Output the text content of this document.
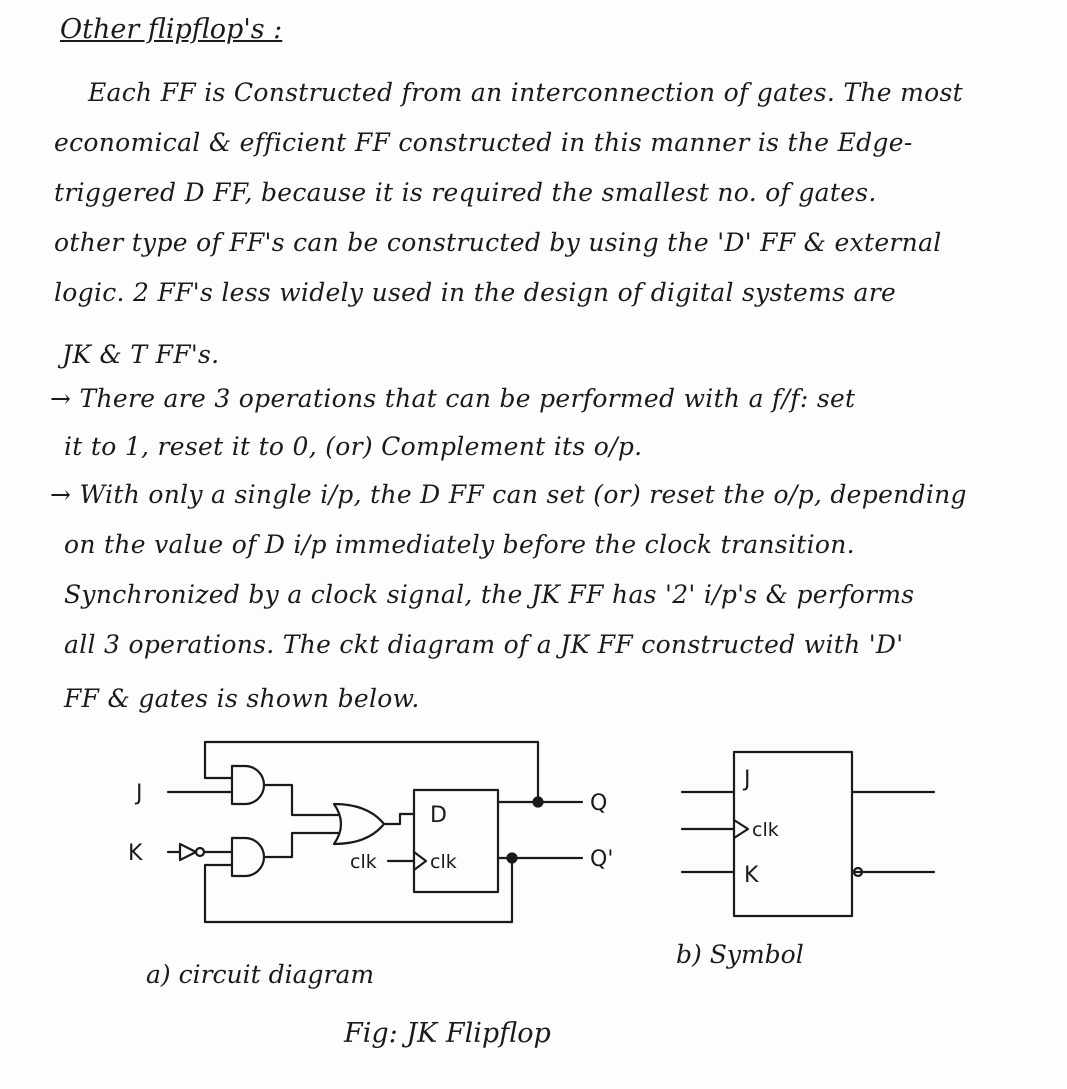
Other flipflop's :
Each FF is Constructed from an interconnection of gates. The most
economical & efficient FF constructed in this manner is the Edge-
triggered D FF, because it is required the smallest no. of gates.
other type of FF's can be constructed by using the 'D' FF & external
logic. 2 FF's less widely used in the design of digital systems are
JK & T FF's.
→ There are 3 operations that can be performed with a f/f: set
it to 1, reset it to 0, (or) Complement its o/p.
→ With only a single i/p, the D FF can set (or) reset the o/p, depending
on the value of D i/p immediately before the clock transition.
Synchronized by a clock signal, the JK FF has '2' i/p's & performs
all 3 operations. The ckt diagram of a JK FF constructed with 'D'
FF & gates is shown below.
J
K
D
clk	clk
Q
Q'
J
clk
K
a) circuit diagram
b) Symbol
Fig: JK Flipflop
